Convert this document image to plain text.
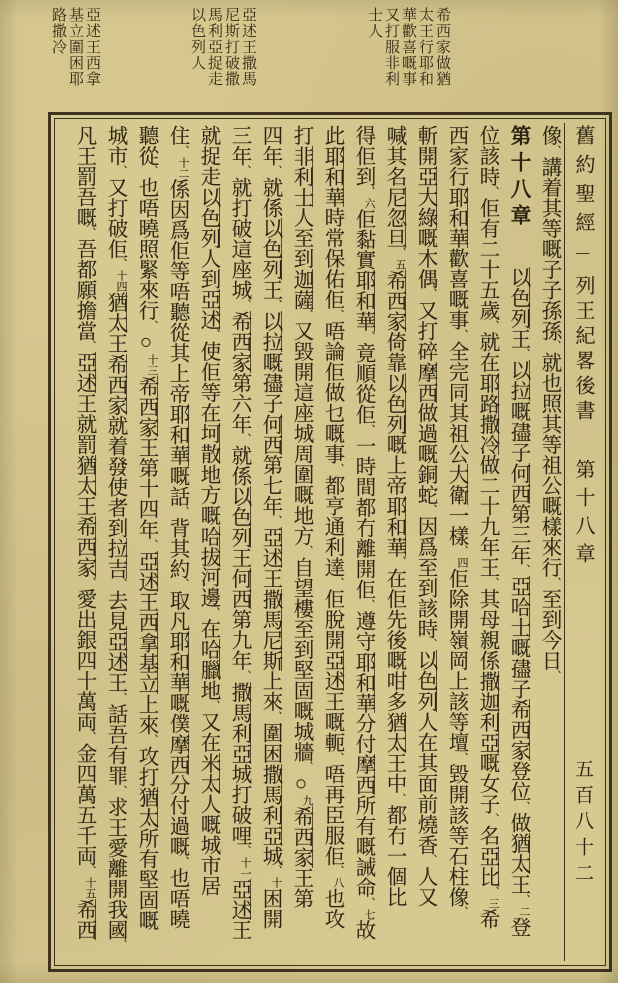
希西家做猶
太王行耶和
華歡喜嘅事
又打服非利
士人
亞述王撒馬
尼斯打破撒
馬利亞捉走
以色列人
亞述王西拿
基立圍困耶
路撒冷
舊約聖經
列王紀畧後書
第十八章
五百八十二
像、講着其等嘅子子孫孫、就也照其等祖公嘅樣來行、至到今日、
第十八章以色列王、以拉嘅孻子何西第三年、亞哈士嘅孻子希西家登位、做猶太王、二登
位該時、佢有二十五歲、就在耶路撒冷做二十九年王、其母親係撒迦利亞嘅女子、名亞比、三希
西家行耶和華歡喜嘅事、全完同其祖公大衛一樣、四佢除開嶺岡上該等壇、毀開該等石柱像、
斬開亞大綠嘅木偶、又打碎摩西做過嘅銅蛇、因爲至到該時、以色列人在其面前燒香、人又
喊其名尼忽旦、五希西家倚靠以色列嘅上帝耶和華、在佢先後嘅咁多猶太王中、都冇一個比
得佢到、六佢黏實耶和華、竟順從佢、一時間都冇離開佢、遵守耶和華分付摩西所有嘅誡命、七故
此耶和華時常保佑佢、唔論佢做乜嘅事、都亨通利達、佢脫開亞述王嘅軛、唔再臣服佢、八也攻
打非利士人至到迦薩、又毀開這座城周圍嘅地方、自望樓至到堅固嘅城牆、○九希西家王第
四年、就係以色列王、以拉嘅孻子何西第七年、亞述王撒馬尼斯上來、圍困撒馬利亞城、十困開
三年、就打破這座城、希西家第六年、就係以色列王何西第九年、撒馬利亞城打破哩、十一亞述王
就捉走以色列人到亞述、使佢等在坷散地方嘅哈拔河邊、在哈臘地、又在米太人嘅城市居
住、十二係因爲佢等唔聽從其上帝耶和華嘅話、背其約、取凡耶和華嘅僕摩西分付過嘅、也唔曉
聽從、也唔曉照緊來行、○十三希西家王第十四年、亞述王西拿基立上來、攻打猶太所有堅固嘅
城市、又打破佢、十四猶太王希西家就着發使者到拉吉、去見亞述王、話吾有罪、求王愛離開我國、
凡王罰吾嘅、吾都願擔當、亞述王就罰猶太王希西家、愛出銀四十萬両、金四萬五千両、十五希西
